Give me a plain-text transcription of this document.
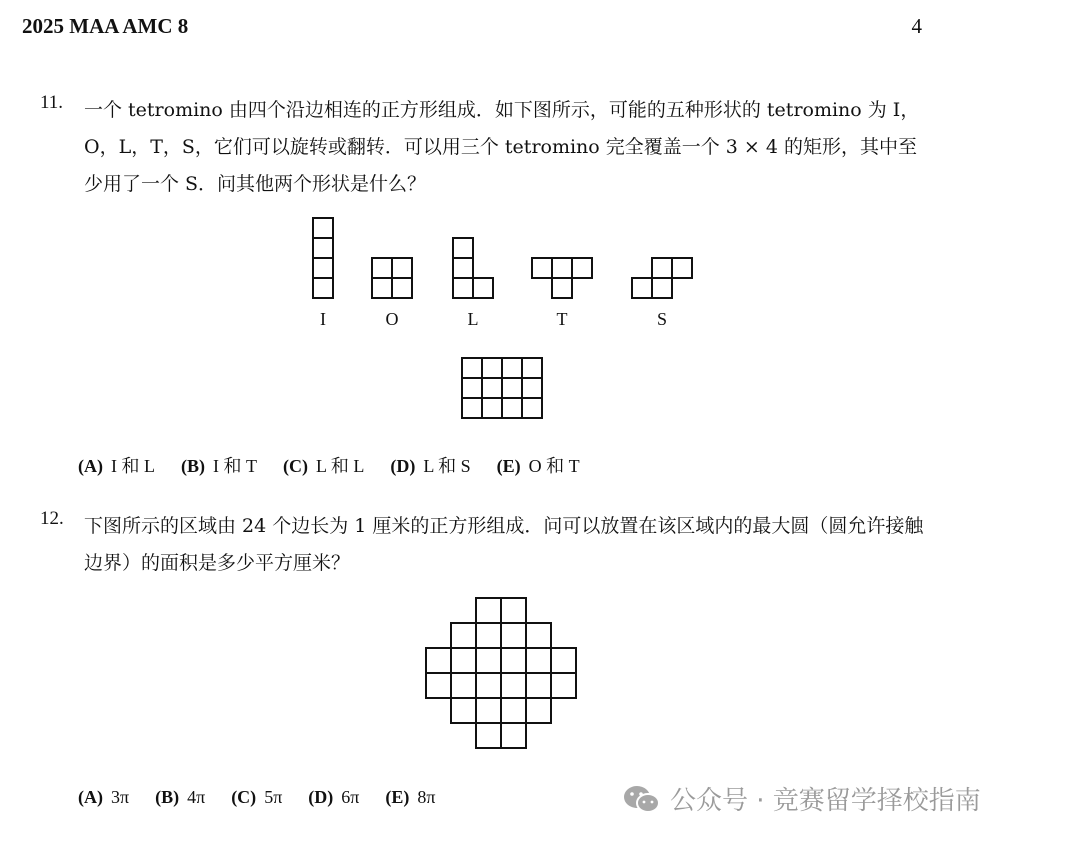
2025 MAA AMC 8	4
11.	一个 tetromino 由四个沿边相连的正方形组成．如下图所示，可能的五种形状的 tetromino 为 I，O，L，T，S，它们可以旋转或翻转．可以用三个 tetromino 完全覆盖一个 3 × 4 的矩形，其中至少用了一个 S．问其他两个形状是什么？
I	O	L	T	S
(A) I 和 L (B) I 和 T (C) L 和 L (D) L 和 S (E) O 和 T
12.	下图所示的区域由 24 个边长为 1 厘米的正方形组成．问可以放置在该区域内的最大圆（圆允许接触边界）的面积是多少平方厘米？
(A) 3π (B) 4π (C) 5π (D) 6π (E) 8π	公众号 · 竞赛留学择校指南
